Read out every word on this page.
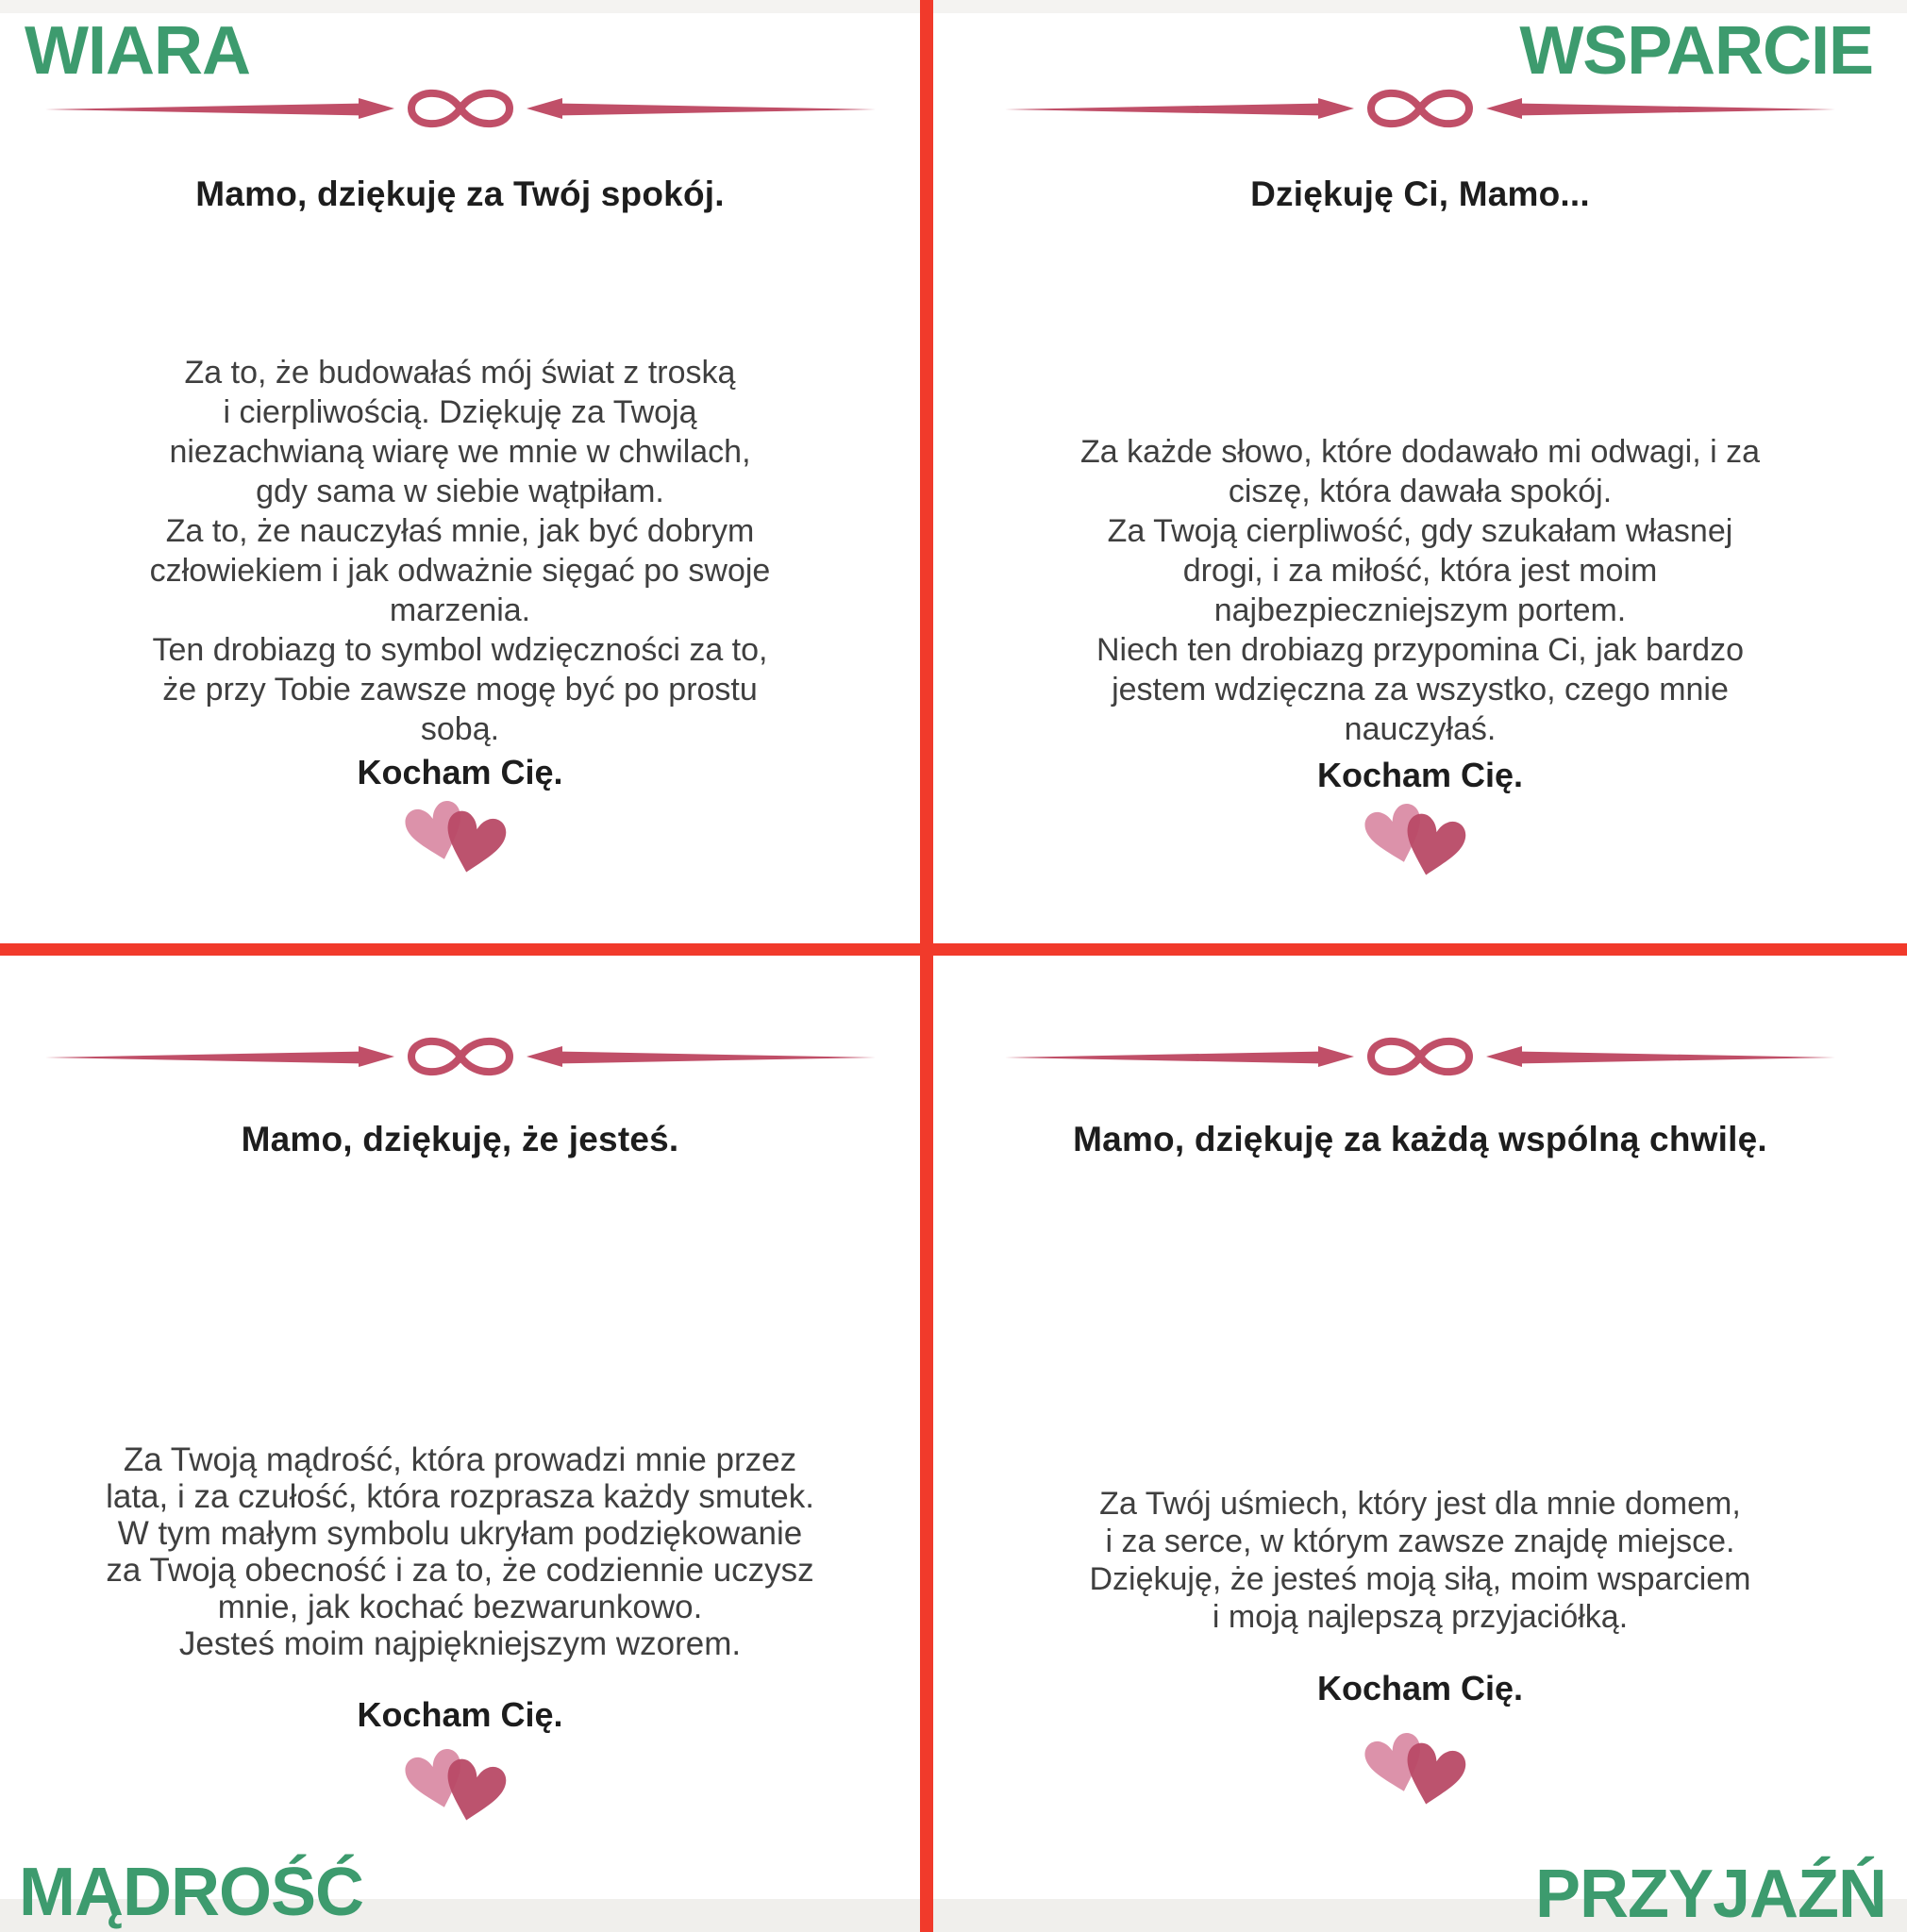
WIARA
Mamo, dziękuję za Twój spokój.
Za to, że budowałaś mój świat z troską
i cierpliwością. Dziękuję za Twoją
niezachwianą wiarę we mnie w chwilach,
gdy sama w siebie wątpiłam.
Za to, że nauczyłaś mnie, jak być dobrym
człowiekiem i jak odważnie sięgać po swoje
marzenia.
Ten drobiazg to symbol wdzięczności za to,
że przy Tobie zawsze mogę być po prostu
sobą.
Kocham Cię.
WSPARCIE
Dziękuję Ci, Mamo...
Za każde słowo, które dodawało mi odwagi, i za
ciszę, która dawała spokój.
Za Twoją cierpliwość, gdy szukałam własnej
drogi, i za miłość, która jest moim
najbezpieczniejszym portem.
Niech ten drobiazg przypomina Ci, jak bardzo
jestem wdzięczna za wszystko, czego mnie
nauczyłaś.
Kocham Cię.
MĄDROŚĆ
Mamo, dziękuję, że jesteś.
Za Twoją mądrość, która prowadzi mnie przez
lata, i za czułość, która rozprasza każdy smutek.
W tym małym symbolu ukryłam podziękowanie
za Twoją obecność i za to, że codziennie uczysz
mnie, jak kochać bezwarunkowo.
Jesteś moim najpiękniejszym wzorem.
Kocham Cię.
PRZYJAŹŃ
Mamo, dziękuję za każdą wspólną chwilę.
Za Twój uśmiech, który jest dla mnie domem,
i za serce, w którym zawsze znajdę miejsce.
Dziękuję, że jesteś moją siłą, moim wsparciem
i moją najlepszą przyjaciółką.
Kocham Cię.
